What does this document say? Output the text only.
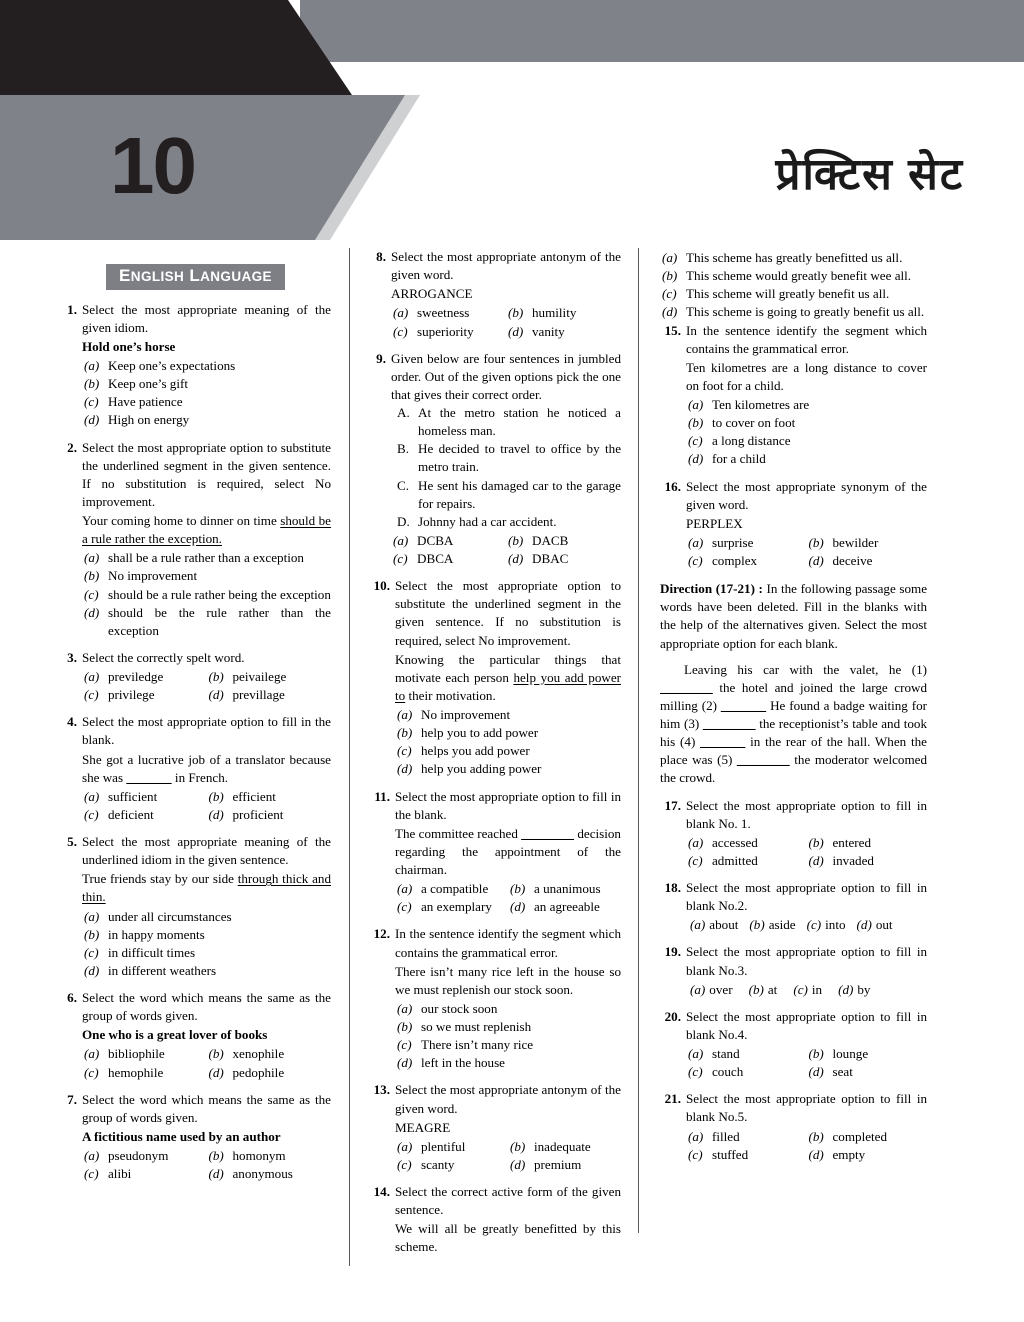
10	प्रेक्टिस सेट
ENGLISH LANGUAGE
1. Select the most appropriate meaning of the given idiom.
Hold one’s horse
(a) Keep one’s expectations
(b) Keep one’s gift
(c) Have patience
(d) High on energy
2. Select the most appropriate option to substitute the underlined segment in the given sentence. If no substitution is required, select No improvement.
Your coming home to dinner on time should be a rule rather the exception.
(a) shall be a rule rather than a exception
(b) No improvement
(c) should be a rule rather being the exception
(d) should be the rule rather than the exception
3. Select the correctly spelt word.
(a) previledge	(b) peivailege
(c) privilege	(d) previllage
4. Select the most appropriate option to fill in the blank.
She got a lucrative job of a translator because she was ______ in French.
(a) sufficient	(b) efficient
(c) deficient	(d) proficient
5. Select the most appropriate meaning of the underlined idiom in the given sentence.
True friends stay by our side through thick and thin.
(a) under all circumstances
(b) in happy moments
(c) in difficult times
(d) in different weathers
6. Select the word which means the same as the group of words given.
One who is a great lover of books
(a) bibliophile	(b) xenophile
(c) hemophile	(d) pedophile
7. Select the word which means the same as the group of words given.
A fictitious name used by an author
(a) pseudonym	(b) homonym
(c) alibi	(d) anonymous
8. Select the most appropriate antonym of the given word.
ARROGANCE
(a) sweetness	(b) humility
(c) superiority	(d) vanity
9. Given below are four sentences in jumbled order. Out of the given options pick the one that gives their correct order.
A. At the metro station he noticed a homeless man.
B. He decided to travel to office by the metro train.
C. He sent his damaged car to the garage for repairs.
D. Johnny had a car accident.
(a) DCBA	(b) DACB
(c) DBCA	(d) DBAC
10. Select the most appropriate option to substitute the underlined segment in the given sentence. If no substitution is required, select No improvement.
Knowing the particular things that motivate each person help you add power to their motivation.
(a) No improvement
(b) help you to add power
(c) helps you add power
(d) help you adding power
11. Select the most appropriate option to fill in the blank.
The committee reached _______ decision regarding the appointment of the chairman.
(a) a compatible	(b) a unanimous
(c) an exemplary	(d) an agreeable
12. In the sentence identify the segment which contains the grammatical error.
There isn’t many rice left in the house so we must replenish our stock soon.
(a) our stock soon
(b) so we must replenish
(c) There isn’t many rice
(d) left in the house
13. Select the most appropriate antonym of the given word.
MEAGRE
(a) plentiful	(b) inadequate
(c) scanty	(d) premium
14. Select the correct active form of the given sentence.
We will all be greatly benefitted by this scheme.
(a) This scheme has greatly benefitted us all.
(b) This scheme would greatly benefit wee all.
(c) This scheme will greatly benefit us all.
(d) This scheme is going to greatly benefit us all.
15. In the sentence identify the segment which contains the grammatical error.
Ten kilometres are a long distance to cover on foot for a child.
(a) Ten kilometres are
(b) to cover on foot
(c) a long distance
(d) for a child
16. Select the most appropriate synonym of the given word.
PERPLEX
(a) surprise	(b) bewilder
(c) complex	(d) deceive
Direction (17-21) : In the following passage some words have been deleted. Fill in the blanks with the help of the alternatives given. Select the most appropriate option for each blank.
Leaving his car with the valet, he (1) _______ the hotel and joined the large crowd milling (2) ______ He found a badge waiting for him (3) _______ the receptionist’s table and took his (4) ______ in the rear of the hall. When the place was (5) _______ the moderator welcomed the crowd.
17. Select the most appropriate option to fill in blank No. 1.
(a) accessed	(b) entered
(c) admitted	(d) invaded
18. Select the most appropriate option to fill in blank No.2.
(a) about (b) aside (c) into (d) out
19. Select the most appropriate option to fill in blank No.3.
(a) over (b) at (c) in (d) by
20. Select the most appropriate option to fill in blank No.4.
(a) stand	(b) lounge
(c) couch	(d) seat
21. Select the most appropriate option to fill in blank No.5.
(a) filled	(b) completed
(c) stuffed	(d) empty
